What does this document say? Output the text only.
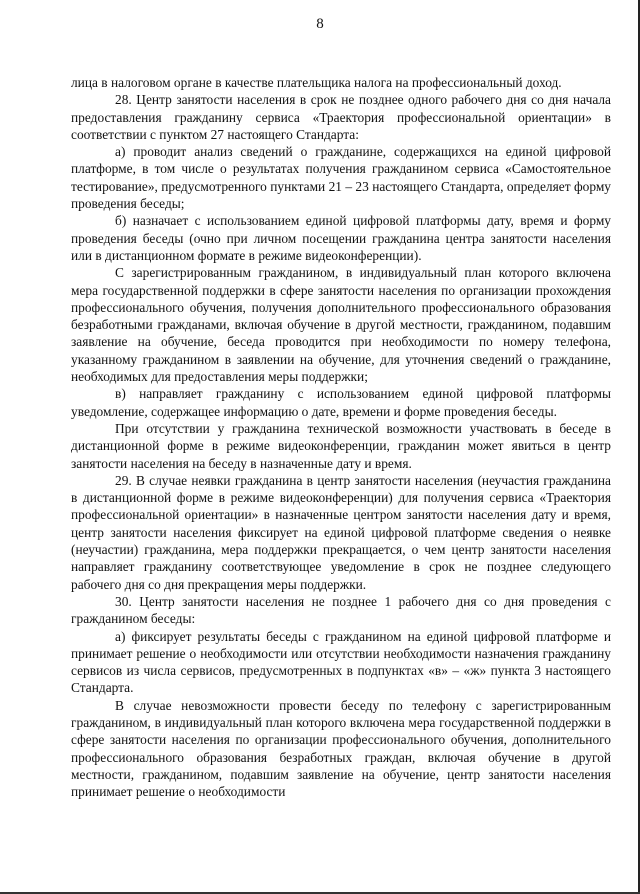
8

лица в налоговом органе в качестве плательщика налога на профессиональный доход.

28. Центр занятости населения в срок не позднее одного рабочего дня со дня начала предоставления гражданину сервиса «Траектория профессиональной ориентации» в соответствии с пунктом 27 настоящего Стандарта:

а) проводит анализ сведений о гражданине, содержащихся на единой цифровой платформе, в том числе о результатах получения гражданином сервиса «Самостоятельное тестирование», предусмотренного пунктами 21 – 23 настоящего Стандарта, определяет форму проведения беседы;

б) назначает с использованием единой цифровой платформы дату, время и форму проведения беседы (очно при личном посещении гражданина центра занятости населения или в дистанционном формате в режиме видеоконференции).

С зарегистрированным гражданином, в индивидуальный план которого включена мера государственной поддержки в сфере занятости населения по организации прохождения профессионального обучения, получения дополнительного профессионального образования безработными гражданами, включая обучение в другой местности, гражданином, подавшим заявление на обучение, беседа проводится при необходимости по номеру телефона, указанному гражданином в заявлении на обучение, для уточнения сведений о гражданине, необходимых для предоставления меры поддержки;

в) направляет гражданину с использованием единой цифровой платформы уведомление, содержащее информацию о дате, времени и форме проведения беседы.

При отсутствии у гражданина технической возможности участвовать в беседе в дистанционной форме в режиме видеоконференции, гражданин может явиться в центр занятости населения на беседу в назначенные дату и время.

29. В случае неявки гражданина в центр занятости населения (неучастия гражданина в дистанционной форме в режиме видеоконференции) для получения сервиса «Траектория профессиональной ориентации» в назначенные центром занятости населения дату и время, центр занятости населения фиксирует на единой цифровой платформе сведения о неявке (неучастии) гражданина, мера поддержки прекращается, о чем центр занятости населения направляет гражданину соответствующее уведомление в срок не позднее следующего рабочего дня со дня прекращения меры поддержки.

30. Центр занятости населения не позднее 1 рабочего дня со дня проведения с гражданином беседы:

а) фиксирует результаты беседы с гражданином на единой цифровой платформе и принимает решение о необходимости или отсутствии необходимости назначения гражданину сервисов из числа сервисов, предусмотренных в подпунктах «в» – «ж» пункта 3 настоящего Стандарта.

В случае невозможности провести беседу по телефону с зарегистрированным гражданином, в индивидуальный план которого включена мера государственной поддержки в сфере занятости населения по организации профессионального обучения, дополнительного профессионального образования безработных граждан, включая обучение в другой местности, гражданином, подавшим заявление на обучение, центр занятости населения принимает решение о необходимости
